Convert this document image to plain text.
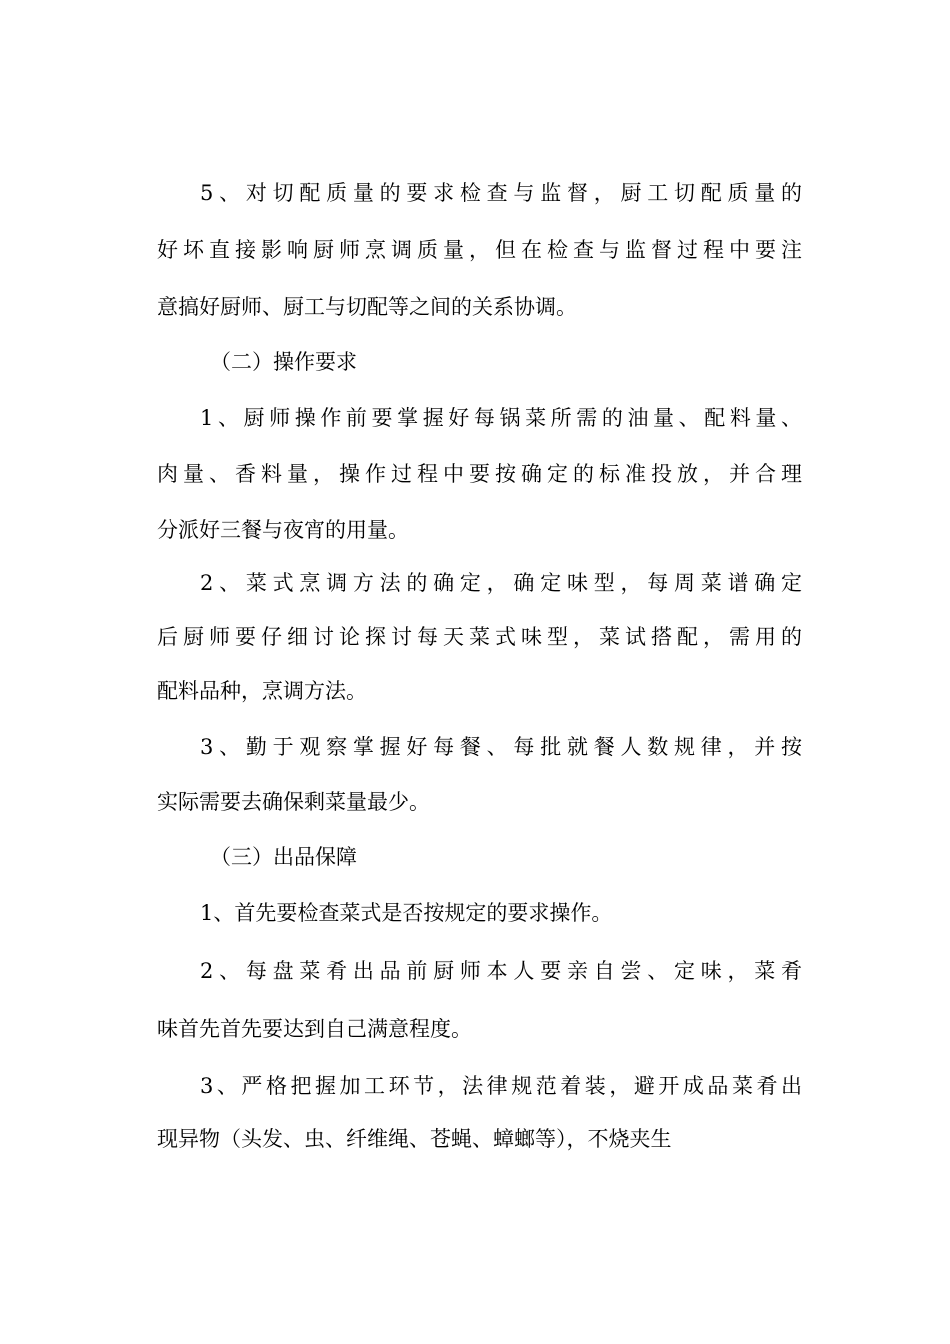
5、对切配质量的要求检查与监督，厨工切配质量的
好坏直接影响厨师烹调质量，但在检查与监督过程中要注
意搞好厨师、厨工与切配等之间的关系协调。
（二）操作要求
1、厨师操作前要掌握好每锅菜所需的油量、配料量、
肉量、香料量，操作过程中要按确定的标准投放，并合理
分派好三餐与夜宵的用量。
2、菜式烹调方法的确定，确定味型，每周菜谱确定
后厨师要仔细讨论探讨每天菜式味型，菜试搭配，需用的
配料品种，烹调方法。
3、勤于观察掌握好每餐、每批就餐人数规律，并按
实际需要去确保剩菜量最少。
（三）出品保障
1、首先要检查菜式是否按规定的要求操作。
2、每盘菜肴出品前厨师本人要亲自尝、定味，菜肴
味首先首先要达到自己满意程度。
3、严格把握加工环节，法律规范着装，避开成品菜肴出
现异物（头发、虫、纤维绳、苍蝇、蟑螂等），不烧夹生
